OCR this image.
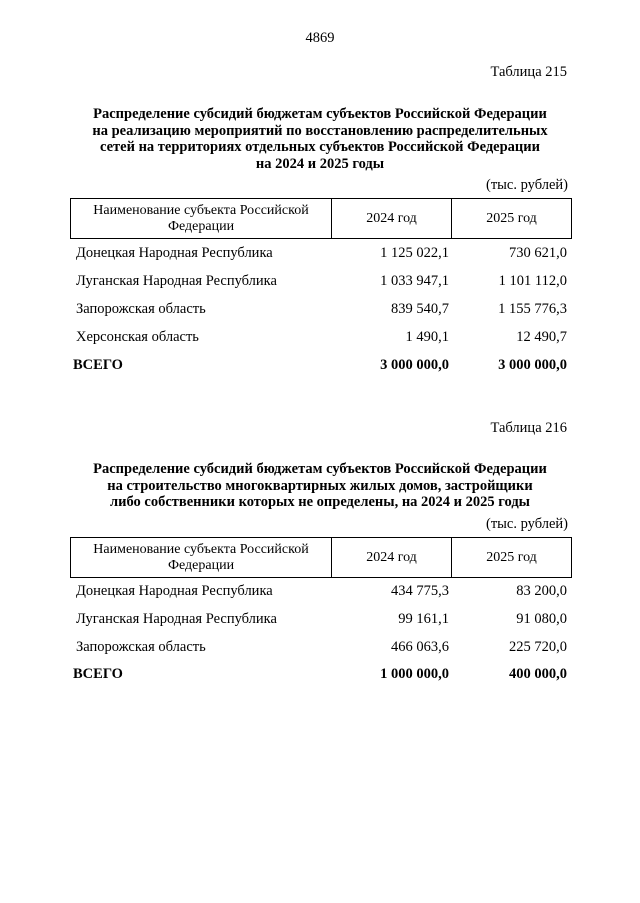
4869
Таблица 215
Распределение субсидий бюджетам субъектов Российской Федерации
на реализацию мероприятий по восстановлению распределительных
сетей на территориях отдельных субъектов Российской Федерации
на 2024 и 2025 годы
(тыс. рублей)
Наименование субъекта Российской
Федерации
	2024 год	2025 год
Донецкая Народная Республика	1 125 022,1	730 621,0
Луганская Народная Республика	1 033 947,1	1 101 112,0
Запорожская область	839 540,7	1 155 776,3
Херсонская область	1 490,1	12 490,7
ВСЕГО	3 000 000,0	3 000 000,0
Таблица 216
Распределение субсидий бюджетам субъектов Российской Федерации
на строительство многоквартирных жилых домов, застройщики
либо собственники которых не определены, на 2024 и 2025 годы
(тыс. рублей)
Наименование субъекта Российской
Федерации
	2024 год	2025 год
Донецкая Народная Республика	434 775,3	83 200,0
Луганская Народная Республика	99 161,1	91 080,0
Запорожская область	466 063,6	225 720,0
ВСЕГО	1 000 000,0	400 000,0
